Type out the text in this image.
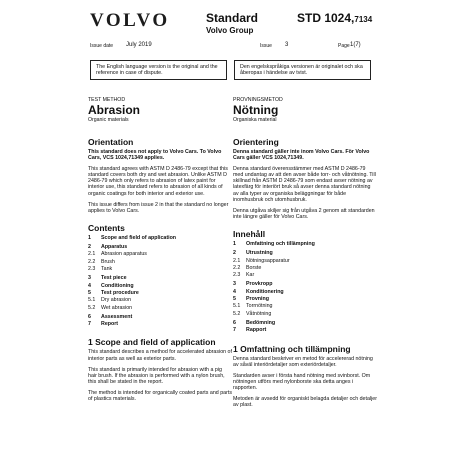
VOLVO	Standard
Volvo Group
STD 1024,7134
Issue date July 2019	Issue 3	Page 1(7)
The English language version is the original and the reference in case of dispute.
Den engelskspråkiga versionen är originalet och ska åberopas i händelse av tvist.
TEST METHOD
Abrasion
Organic materials
Orientation

This standard does not apply to Volvo Cars. To Volvo Cars, VCS 1024,71349 applies.

This standard agrees with ASTM D 2486-79 except that this standard covers both dry and wet abrasion. Unlike ASTM D 2486-79 which only refers to abrasion of latex paint for interior use, this standard refers to abrasion of all kinds of organic coatings for both interior and exterior use.

This issue differs from issue 2 in that the standard no longer applies to Volvo Cars.

Contents
1	Scope and field of application
2	Apparatus
2.1	Abrasion apparatus
2.2	Brush
2.3	Tank
3	Test piece
4	Conditioning
5	Test procedure
5.1	Dry abrasion
5.2	Wet abrasion
6	Assessment
7	Report
1 Scope and field of application

This standard describes a method for accelerated abrasion of interior parts as well as exterior parts.

This standard is primarily intended for abrasion with a pig hair brush. If the abrasion is performed with a nylon brush, this shall be stated in the report.

The method is intended for organically coated parts and parts of plastics materials.

PROVNINGSMETOD
Nötning
Organiska material
Orientering

Denna standard gäller inte inom Volvo Cars. För Volvo Cars gäller VCS 1024,71349.

Denna standard överensstämmer med ASTM D 2486-79 med undantag av att den avser både torr- och våtnötning. Till skillnad från ASTM D 2486-79 som endast avser nötning av latexfärg för interiört bruk så avser denna standard nötning av alla typer av organiska beläggningar för både inomhusbruk och utomhusbruk.

Denna utgåva skiljer sig från utgåva 2 genom att standarden inte längre gäller för Volvo Cars.

Innehåll
1	Omfattning och tillämpning
2	Utrustning
2.1	Nötningsapparatur
2.2	Borste
2.3	Kar
3	Provkropp
4	Konditionering
5	Provning
5.1	Torrnötning
5.2	Våtnötning
6	Bedömning
7	Rapport
1 Omfattning och tillämpning

Denna standard beskriver en metod för accelererad nötning av såväl interiördetaljer som exteriördetaljer.

Standarden avser i första hand nötning med svinborst. Om nötningen utförs med nylonborste ska detta anges i rapporten.

Metoden är avsedd för organiskt belagda detaljer och detaljer av plast.
